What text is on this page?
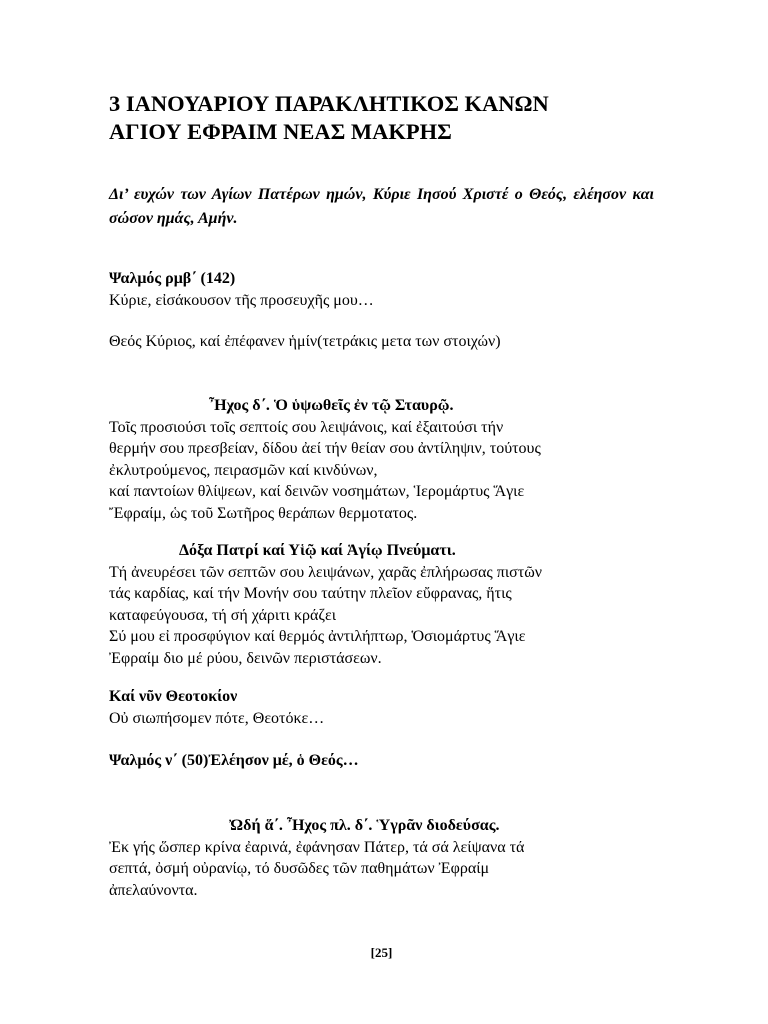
3 ΙΑΝΟΥΑΡΙΟΥ ΠΑΡΑΚΛΗΤΙΚΟΣ ΚΑΝΩΝ
ΑΓΙΟΥ ΕΦΡΑΙΜ ΝΕΑΣ ΜΑΚΡΗΣ
Δι’ ευχών των Αγίων Πατέρων ημών, Κύριε Ιησού Χριστέ ο Θεός, ελέησον και σώσον ημάς, Αμήν.
Ψαλμός ρμβ΄ (142)
Κύριε, εἰσάκουσον τῆς προσευχῆς μου…
Θεός Κύριος, καί ἐπέφανεν ἡμίν(τετράκις μετα των στοιχών)
Ἦχος δ΄. Ὁ ὑψωθεῖς ἐν τῷ Σταυρῷ.
Τοῖς προσιούσι τοῖς σεπτοίς σου λειψάνοις, καί ἐξαιτούσι τήν
θερμήν σου πρεσβείαν, δίδου ἀεί τήν θείαν σου ἀντίληψιν, τούτους
ἐκλυτρούμενος, πειρασμῶν καί κινδύνων,
καί παντοίων θλίψεων, καί δεινῶν νοσημάτων, Ἱερομάρτυς Ἅγιε
Ἔφραίμ, ὡς τοῦ Σωτῆρος θεράπων θερμοτατος.
Δόξα Πατρί καί Υἱῷ καί Ἁγίῳ Πνεύματι.
Τή ἀνευρέσει τῶν σεπτῶν σου λειψάνων, χαρᾶς ἐπλήρωσας πιστῶν
τάς καρδίας, καί τήν Μονήν σου ταύτην πλεῖον εὔφρανας, ἥτις
καταφεύγουσα, τή σή χάριτι κράζει
Σύ μου εἰ προσφύγιον καί θερμός ἀντιλήπτωρ, Ὁσιομάρτυς Ἅγιε
Ἐφραίμ διο μέ ρύου, δεινῶν περιστάσεων.
Καί νῦν Θεοτοκίον
Οὐ σιωπήσομεν πότε, Θεοτόκε…
Ψαλμός ν΄ (50)Ἐλέησον μέ, ὁ Θεός…
Ὠδή ἅ΄. Ἦχος πλ. δ΄. Ὑγρᾶν διοδεύσας.
Ἐκ γής ὥσπερ κρίνα ἐαρινά, ἐφάνησαν Πάτερ, τά σά λείψανα τά
σεπτά, ὀσμή οὐρανίῳ, τό δυσῶδες τῶν παθημάτων Ἐφραίμ
ἀπελαύνοντα.
[25]
